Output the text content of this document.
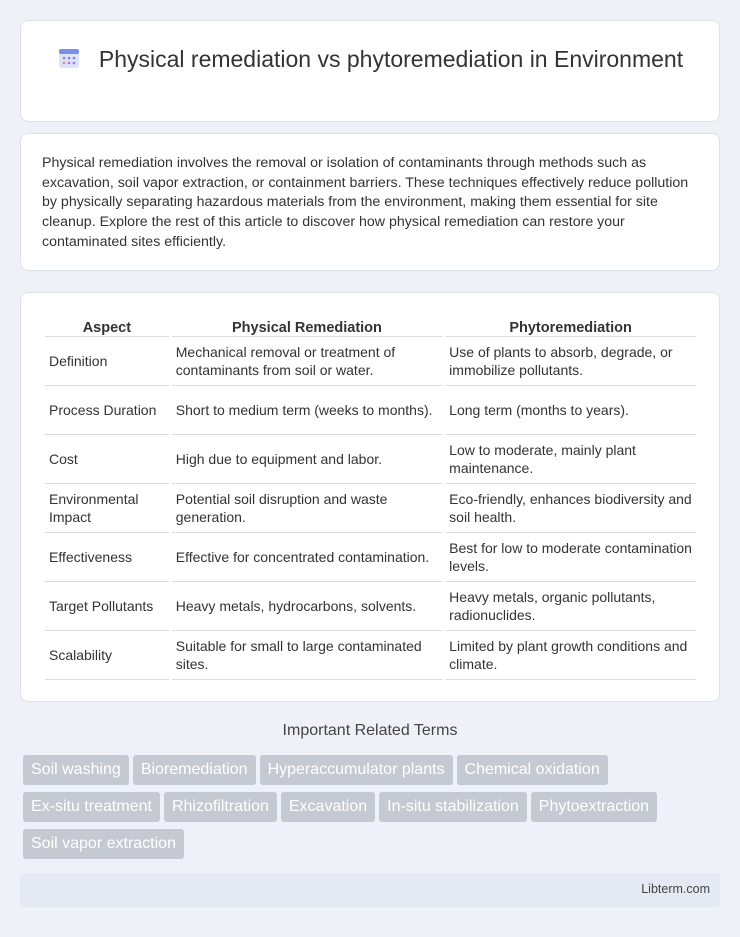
Physical remediation vs phytoremediation in Environment

Physical remediation involves the removal or isolation of contaminants through methods such as excavation, soil vapor extraction, or containment barriers. These techniques effectively reduce pollution by physically separating hazardous materials from the environment, making them essential for site cleanup. Explore the rest of this article to discover how physical remediation can restore your contaminated sites efficiently.

Aspect	Physical Remediation	Phytoremediation
Definition	Mechanical removal or treatment of contaminants from soil or water.	Use of plants to absorb, degrade, or immobilize pollutants.
Process Duration	Short to medium term (weeks to months).	Long term (months to years).
Cost	High due to equipment and labor.	Low to moderate, mainly plant maintenance.
Environmental Impact	Potential soil disruption and waste generation.	Eco-friendly, enhances biodiversity and soil health.
Effectiveness	Effective for concentrated contamination.	Best for low to moderate contamination levels.
Target Pollutants	Heavy metals, hydrocarbons, solvents.	Heavy metals, organic pollutants, radionuclides.
Scalability	Suitable for small to large contaminated sites.	Limited by plant growth conditions and climate.
Important Related Terms
Soil washing Bioremediation Hyperaccumulator plants Chemical oxidation
Ex-situ treatment Rhizofiltration Excavation In-situ stabilization Phytoextraction
Soil vapor extraction
Libterm.com
